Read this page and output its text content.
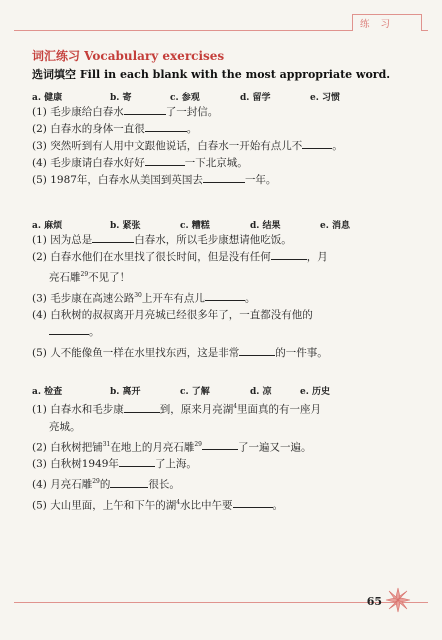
练 习
词汇练习 Vocabulary exercises
选词填空 Fill in each blank with the most appropriate word.
a. 健康	b. 寄	c. 参观	d. 留学	e. 习惯
(1) 毛步康给白春水	了一封信。
(2) 白春水的身体一直很	。
(3) 突然听到有人用中文跟他说话，白春水一开始有点儿不	。
(4) 毛步康请白春水好好	一下北京城。
(5) 1987年，白春水从美国到英国去	一年。
a. 麻烦	b. 紧张	c. 糟糕	d. 结果	e. 消息
(1) 因为总是	白春水，所以毛步康想请他吃饭。
(2) 白春水他们在水里找了很长时间，但是没有任何	，月
亮石雕$^{29}$不见了！
(3) 毛步康在高速公路$^{30}$上开车有点儿	。
(4) 白秋树的叔叔离开月亮城已经很多年了，一直都没有他的
。
(5) 人不能像鱼一样在水里找东西，这是非常	的一件事。
a. 检查	b. 离开	c. 了解	d. 凉	e. 历史
(1) 白春水和毛步康	到，原来月亮湖$^4$里面真的有一座月
亮城。
(2) 白秋树把铺$^{31}$在地上的月亮石雕$^{29}$	了一遍又一遍。
(3) 白秋树1949年	了上海。
(4) 月亮石雕$^{29}$的	很长。
(5) 大山里面，上午和下午的湖$^4$水比中午要	。
65
